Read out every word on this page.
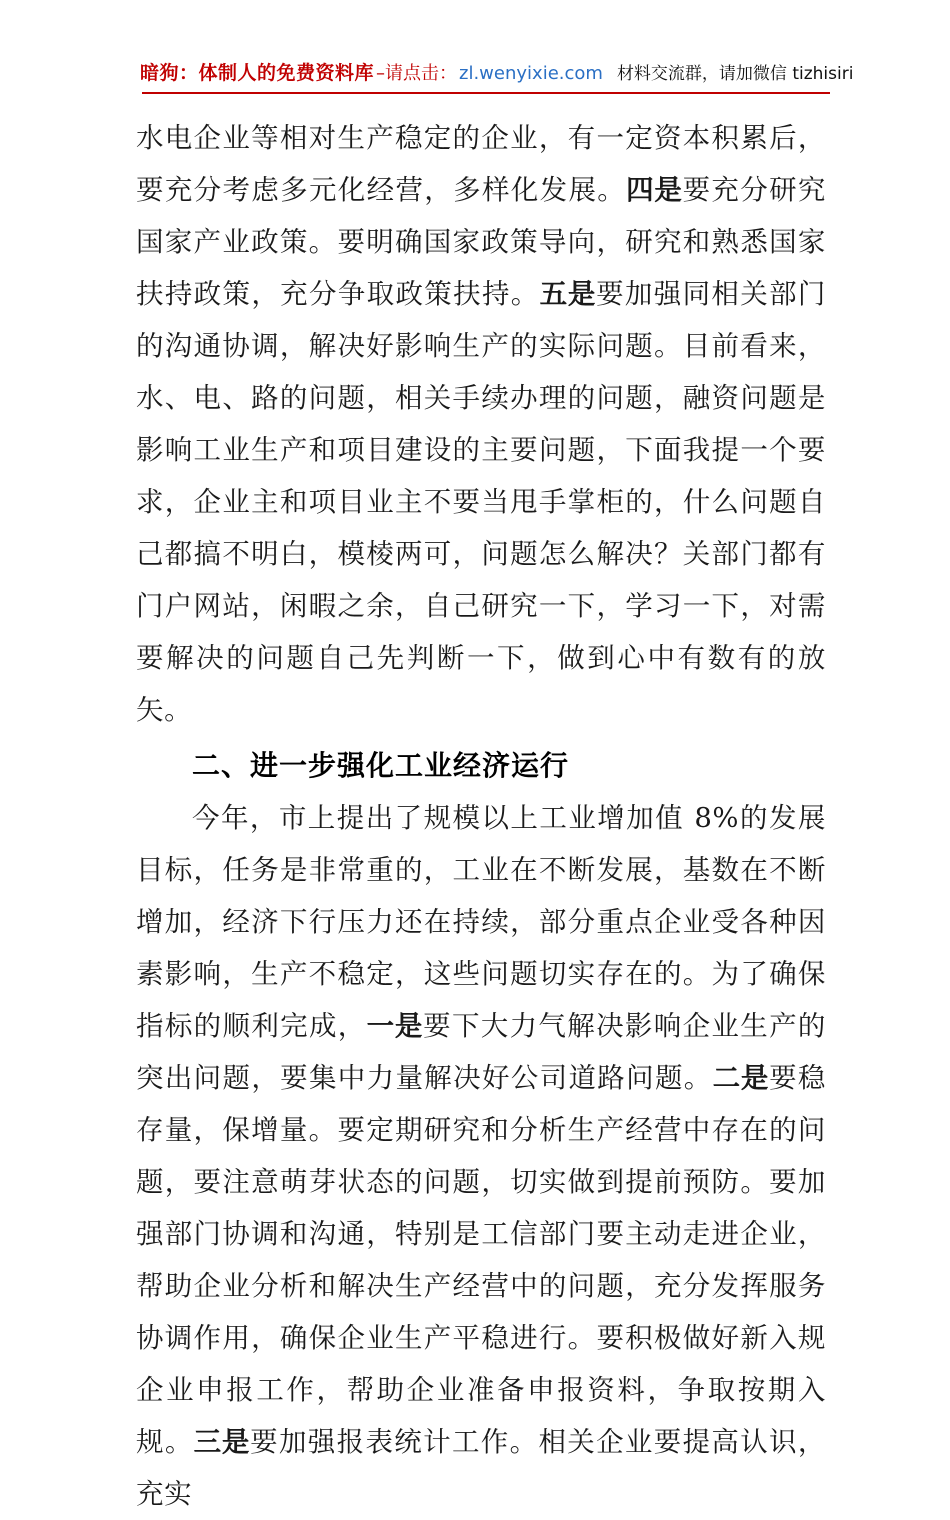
暗狗：体制人的免费资料库 –请点击： zl.wenyixie.com 材料交流群，请加微信 tizhisiri

水电企业等相对生产稳定的企业，有一定资本积累后，要充分考虑多元化经营，多样化发展。四是要充分研究国家产业政策。要明确国家政策导向，研究和熟悉国家扶持政策，充分争取政策扶持。五是要加强同相关部门的沟通协调，解决好影响生产的实际问题。目前看来，水、电、路的问题，相关手续办理的问题，融资问题是影响工业生产和项目建设的主要问题，下面我提一个要求，企业主和项目业主不要当甩手掌柜的，什么问题自己都搞不明白，模棱两可，问题怎么解决？关部门都有门户网站，闲暇之余，自己研究一下，学习一下，对需要解决的问题自己先判断一下，做到心中有数有的放矢。

二、进一步强化工业经济运行

今年，市上提出了规模以上工业增加值 8%的发展目标，任务是非常重的，工业在不断发展，基数在不断增加，经济下行压力还在持续，部分重点企业受各种因素影响，生产不稳定，这些问题切实存在的。为了确保指标的顺利完成，一是要下大力气解决影响企业生产的突出问题，要集中力量解决好公司道路问题。二是要稳存量，保增量。要定期研究和分析生产经营中存在的问题，要注意萌芽状态的问题，切实做到提前预防。要加强部门协调和沟通，特别是工信部门要主动走进企业，帮助企业分析和解决生产经营中的问题，充分发挥服务协调作用，确保企业生产平稳进行。要积极做好新入规企业申报工作，帮助企业准备申报资料，争取按期入规。三是要加强报表统计工作。相关企业要提高认识，充实
